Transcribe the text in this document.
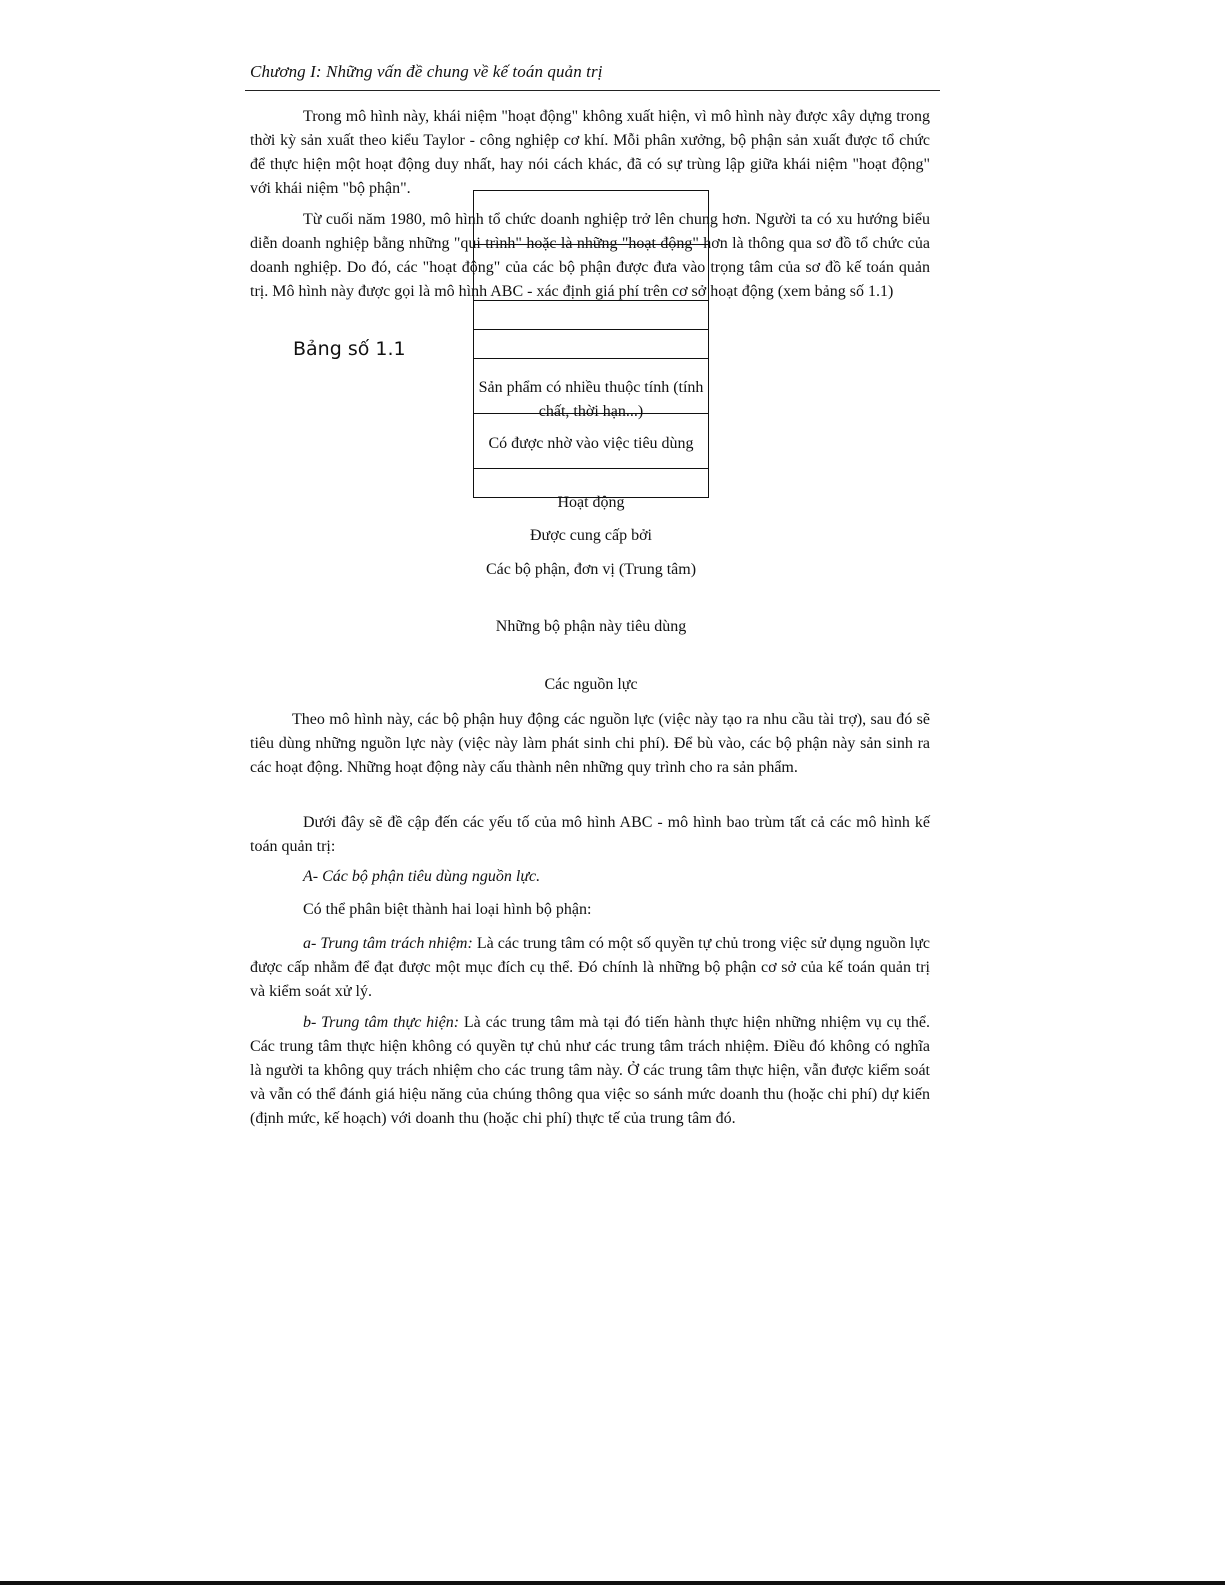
Chương I: Những vấn đề chung về kế toán quản trị

Trong mô hình này, khái niệm "hoạt động" không xuất hiện, vì mô hình này được xây dựng trong thời kỳ sản xuất theo kiểu Taylor - công nghiệp cơ khí. Mỗi phân xưởng, bộ phận sản xuất được tổ chức để thực hiện một hoạt động duy nhất, hay nói cách khác, đã có sự trùng lập giữa khái niệm "hoạt động" với khái niệm "bộ phận".

Từ cuối năm 1980, mô hình tổ chức doanh nghiệp trở lên chung hơn. Người ta có xu hướng biểu diễn doanh nghiệp bằng những "qui trình" hoặc là những "hoạt động" hơn là thông qua sơ đồ tổ chức của doanh nghiệp. Do đó, các "hoạt động" của các bộ phận được đưa vào trọng tâm của sơ đồ kế toán quản trị. Mô hình này được gọi là mô hình ABC - xác định giá phí trên cơ sở hoạt động (xem bảng số 1.1)

Bảng số 1.1
Sản phẩm có nhiều thuộc tính (tính chất, thời hạn...)
Có được nhờ vào việc tiêu dùng
Hoạt động
Được cung cấp bởi
Các bộ phận, đơn vị (Trung tâm)
Những bộ phận này tiêu dùng
Các nguồn lực

Theo mô hình này, các bộ phận huy động các nguồn lực (việc này tạo ra nhu cầu tài trợ), sau đó sẽ tiêu dùng những nguồn lực này (việc này làm phát sinh chi phí). Để bù vào, các bộ phận này sản sinh ra các hoạt động. Những hoạt động này cấu thành nên những quy trình cho ra sản phẩm.

Dưới đây sẽ đề cập đến các yếu tố của mô hình ABC - mô hình bao trùm tất cả các mô hình kế toán quản trị:

A- Các bộ phận tiêu dùng nguồn lực.

Có thể phân biệt thành hai loại hình bộ phận:

a- Trung tâm trách nhiệm: Là các trung tâm có một số quyền tự chủ trong việc sử dụng nguồn lực được cấp nhằm để đạt được một mục đích cụ thể. Đó chính là những bộ phận cơ sở của kế toán quản trị và kiểm soát xử lý.

b- Trung tâm thực hiện: Là các trung tâm mà tại đó tiến hành thực hiện những nhiệm vụ cụ thể. Các trung tâm thực hiện không có quyền tự chủ như các trung tâm trách nhiệm. Điều đó không có nghĩa là người ta không quy trách nhiệm cho các trung tâm này. Ở các trung tâm thực hiện, vẫn được kiểm soát và vẫn có thể đánh giá hiệu năng của chúng thông qua việc so sánh mức doanh thu (hoặc chi phí) dự kiến (định mức, kế hoạch) với doanh thu (hoặc chi phí) thực tế của trung tâm đó.
